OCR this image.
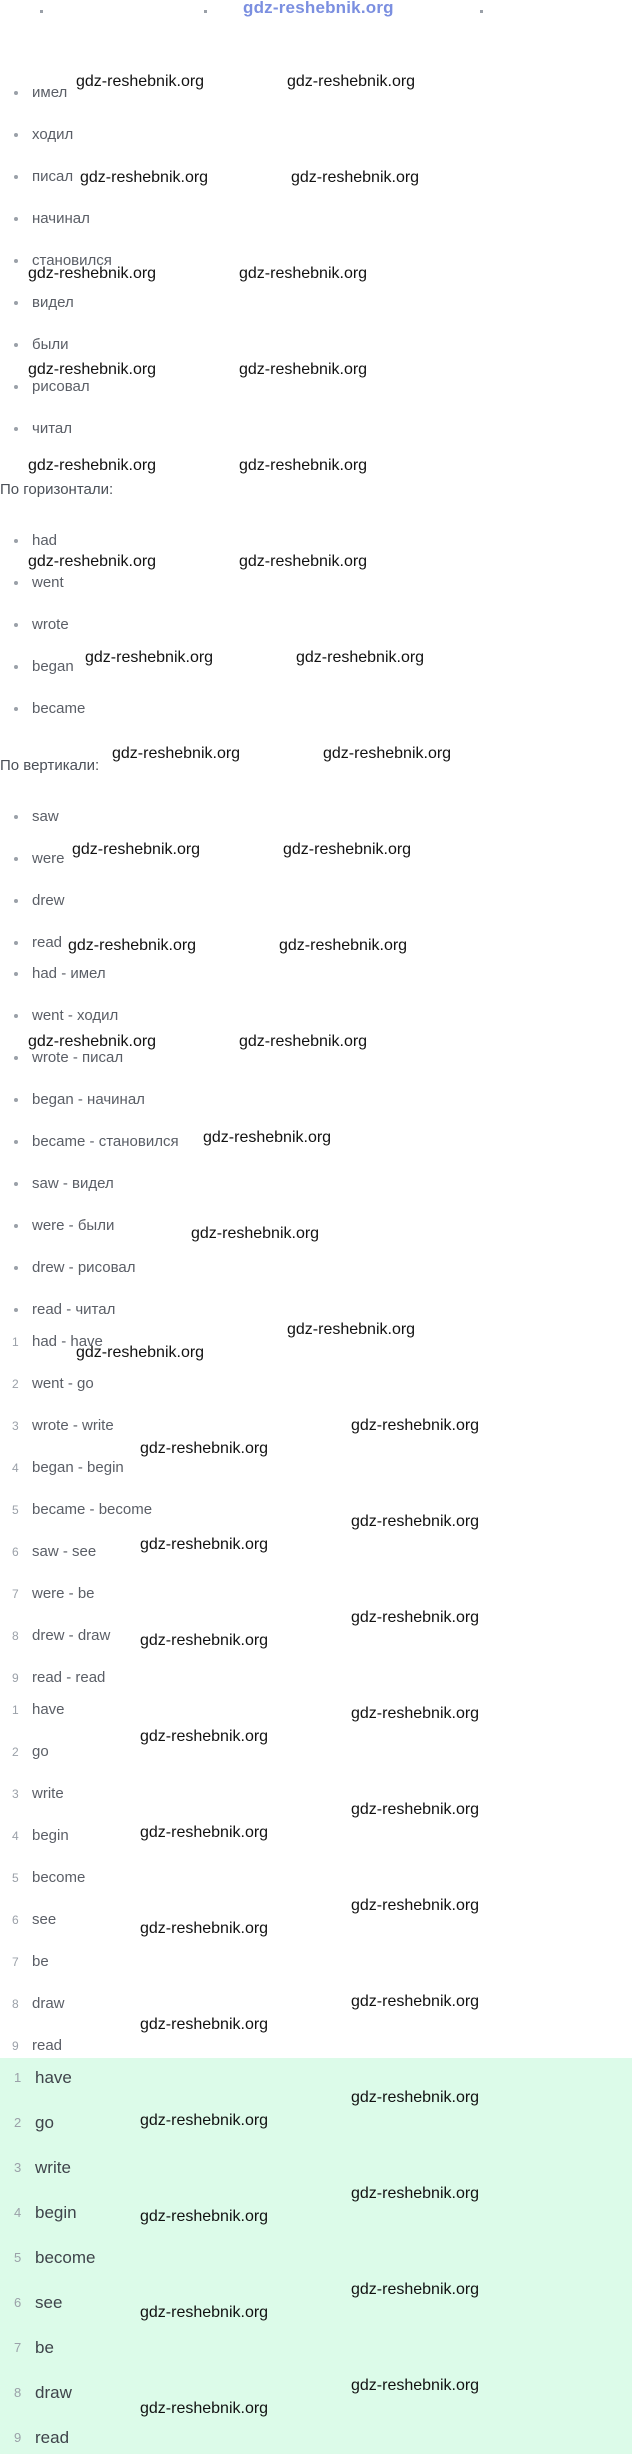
gdz-reshebnik.org
имел
ходил
писал
начинал
становился
видел
были
рисовал
читал
По горизонтали:
had
went
wrote
began
became
По вертикали:
saw
were
drew
read
had - имел
went - ходил
wrote - писал
began - начинал
became - становился
saw - видел
were - были
drew - рисовал
read - читал
1 had - have
2 went - go
3 wrote - write
4 began - begin
5 became - become
6 saw - see
7 were - be
8 drew - draw
9 read - read
1 have
2 go
3 write
4 begin
5 become
6 see
7 be
8 draw
9 read
1 have
2 go
3 write
4 begin
5 become
6 see
7 be
8 draw
9 read
gdz-reshebnik.org	gdz-reshebnik.org
gdz-reshebnik.org	gdz-reshebnik.org
gdz-reshebnik.org	gdz-reshebnik.org
gdz-reshebnik.org	gdz-reshebnik.org
gdz-reshebnik.org	gdz-reshebnik.org
gdz-reshebnik.org	gdz-reshebnik.org
gdz-reshebnik.org	gdz-reshebnik.org
gdz-reshebnik.org	gdz-reshebnik.org
gdz-reshebnik.org	gdz-reshebnik.org
gdz-reshebnik.org	gdz-reshebnik.org
gdz-reshebnik.org	gdz-reshebnik.org
gdz-reshebnik.org
gdz-reshebnik.org
gdz-reshebnik.org
gdz-reshebnik.org
gdz-reshebnik.org
gdz-reshebnik.org
gdz-reshebnik.org
gdz-reshebnik.org
gdz-reshebnik.org
gdz-reshebnik.org
gdz-reshebnik.org
gdz-reshebnik.org
gdz-reshebnik.org
gdz-reshebnik.org
gdz-reshebnik.org
gdz-reshebnik.org
gdz-reshebnik.org
gdz-reshebnik.org
gdz-reshebnik.org
gdz-reshebnik.org
gdz-reshebnik.org
gdz-reshebnik.org
gdz-reshebnik.org
gdz-reshebnik.org
gdz-reshebnik.org
gdz-reshebnik.org
